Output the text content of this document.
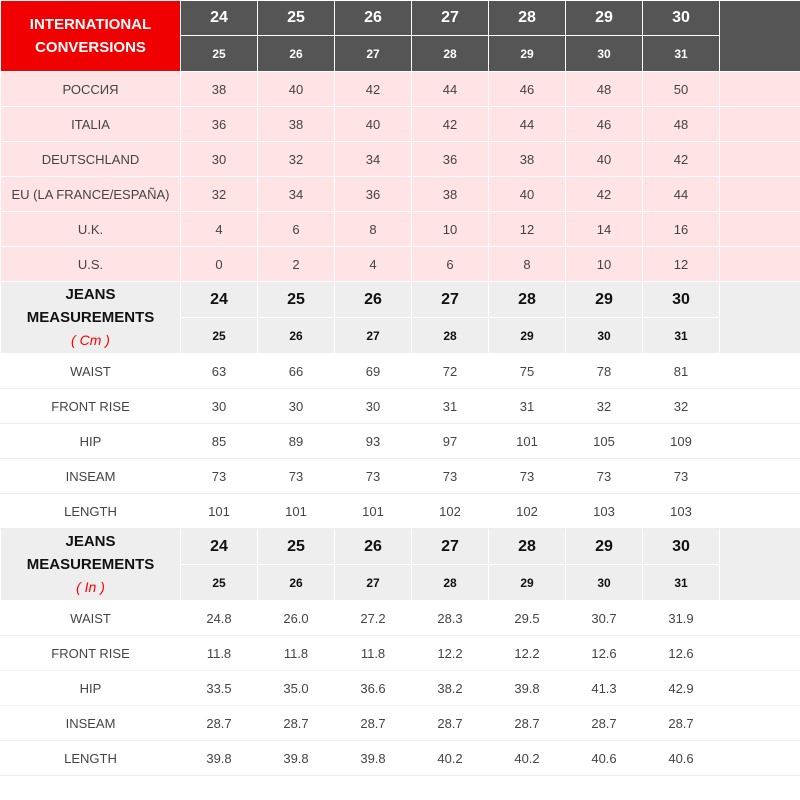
INTERNATIONAL
CONVERSIONS	24	25	26	27	28	29	30	
	25	26	27	28	29	30	31	
РОССИЯ	38	40	42	44	46	48	50	
ITALIA	36	38	40	42	44	46	48	
DEUTSCHLAND	30	32	34	36	38	40	42	
EU (LA FRANCE/ESPAÑA)	32	34	36	38	40	42	44	
U.K.	4	6	8	10	12	14	16	
U.S.	0	2	4	6	8	10	12	

JEANS
MEASUREMENTS
( Cm )	24	25	26	27	28	29	30	
	25	26	27	28	29	30	31	
WAIST	63	66	69	72	75	78	81	
FRONT RISE	30	30	30	31	31	32	32	
HIP	85	89	93	97	101	105	109	
INSEAM	73	73	73	73	73	73	73	
LENGTH	101	101	101	102	102	103	103	

JEANS
MEASUREMENTS
( In )	24	25	26	27	28	29	30	
	25	26	27	28	29	30	31	
WAIST	24.8	26.0	27.2	28.3	29.5	30.7	31.9	
FRONT RISE	11.8	11.8	11.8	12.2	12.2	12.6	12.6	
HIP	33.5	35.0	36.6	38.2	39.8	41.3	42.9	
INSEAM	28.7	28.7	28.7	28.7	28.7	28.7	28.7	
LENGTH	39.8	39.8	39.8	40.2	40.2	40.6	40.6	
